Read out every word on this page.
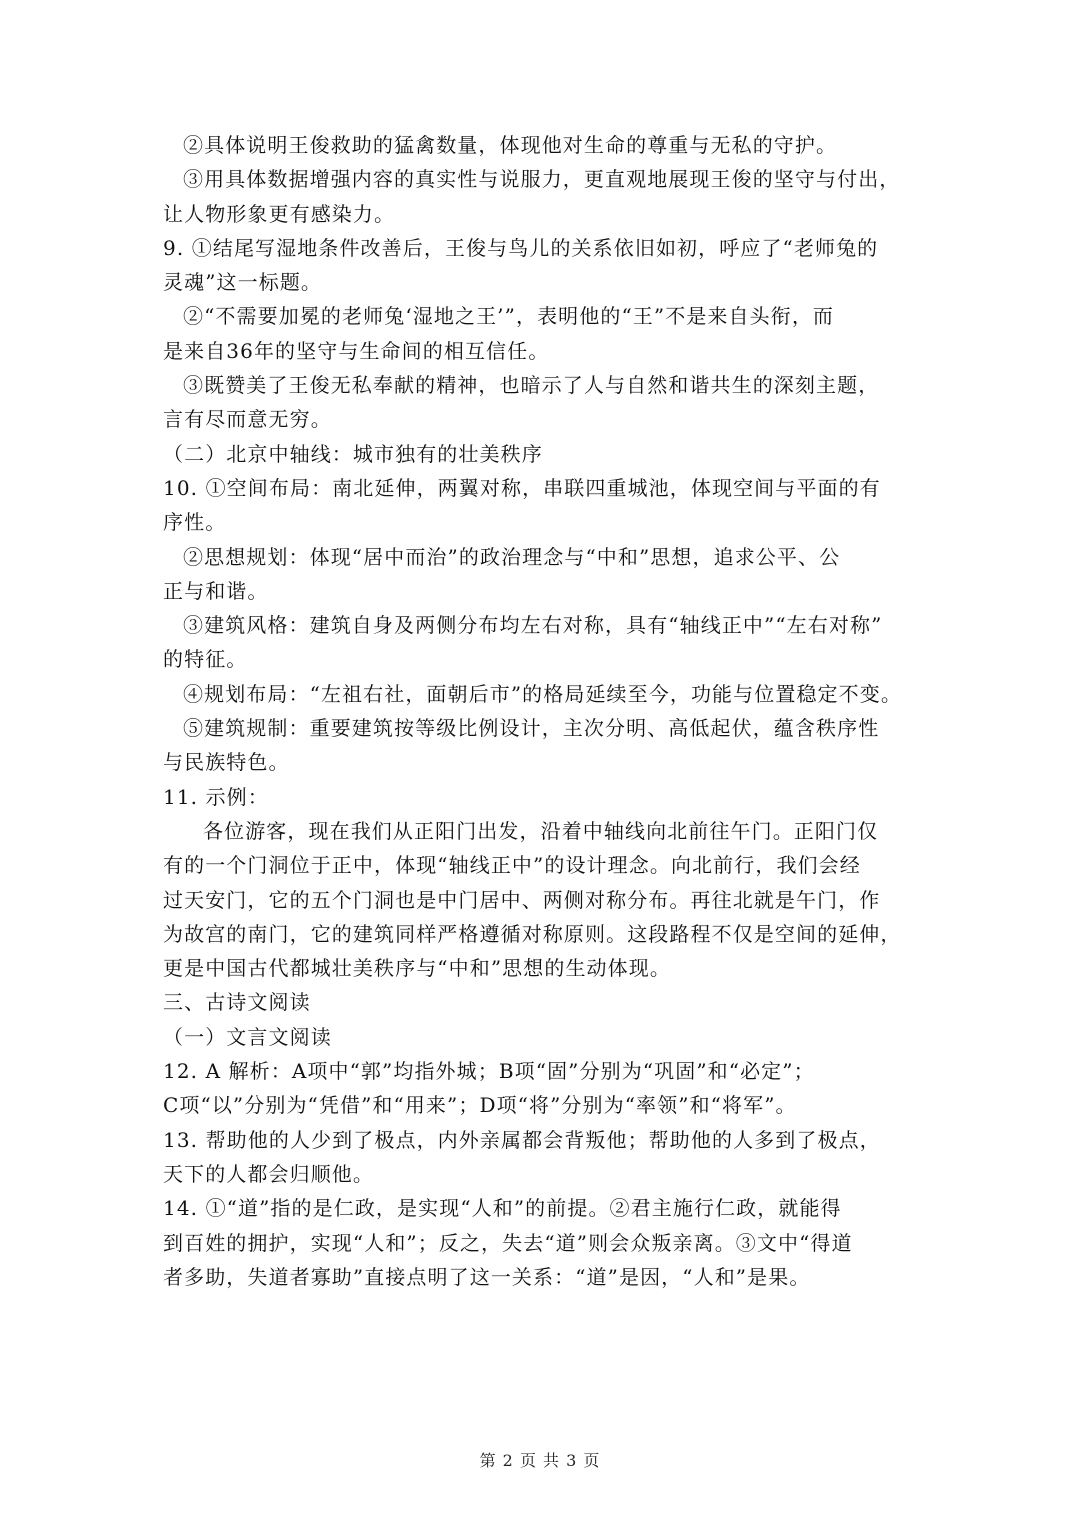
②具体说明王俊救助的猛禽数量，体现他对生命的尊重与无私的守护。
③用具体数据增强内容的真实性与说服力，更直观地展现王俊的坚守与付出，
让人物形象更有感染力。
9. ①结尾写湿地条件改善后，王俊与鸟儿的关系依旧如初，呼应了“老师兔的
灵魂”这一标题。
②“不需要加冕的老师兔‘湿地之王’”，表明他的“王”不是来自头衔，而
是来自36年的坚守与生命间的相互信任。
③既赞美了王俊无私奉献的精神，也暗示了人与自然和谐共生的深刻主题，
言有尽而意无穷。
（二）北京中轴线：城市独有的壮美秩序
10. ①空间布局：南北延伸，两翼对称，串联四重城池，体现空间与平面的有
序性。
②思想规划：体现“居中而治”的政治理念与“中和”思想，追求公平、公
正与和谐。
③建筑风格：建筑自身及两侧分布均左右对称，具有“轴线正中”“左右对称”
的特征。
④规划布局：“左祖右社，面朝后市”的格局延续至今，功能与位置稳定不变。
⑤建筑规制：重要建筑按等级比例设计，主次分明、高低起伏，蕴含秩序性
与民族特色。
11. 示例：
各位游客，现在我们从正阳门出发，沿着中轴线向北前往午门。正阳门仅
有的一个门洞位于正中，体现“轴线正中”的设计理念。向北前行，我们会经
过天安门，它的五个门洞也是中门居中、两侧对称分布。再往北就是午门，作
为故宫的南门，它的建筑同样严格遵循对称原则。这段路程不仅是空间的延伸，
更是中国古代都城壮美秩序与“中和”思想的生动体现。
三、古诗文阅读
（一）文言文阅读
12. A 解析：A项中“郭”均指外城；B项“固”分别为“巩固”和“必定”；
C项“以”分别为“凭借”和“用来”；D项“将”分别为“率领”和“将军”。
13. 帮助他的人少到了极点，内外亲属都会背叛他；帮助他的人多到了极点，
天下的人都会归顺他。
14. ①“道”指的是仁政，是实现“人和”的前提。②君主施行仁政，就能得
到百姓的拥护，实现“人和”；反之，失去“道”则会众叛亲离。③文中“得道
者多助，失道者寡助”直接点明了这一关系：“道”是因，“人和”是果。
第 2 页 共 3 页
